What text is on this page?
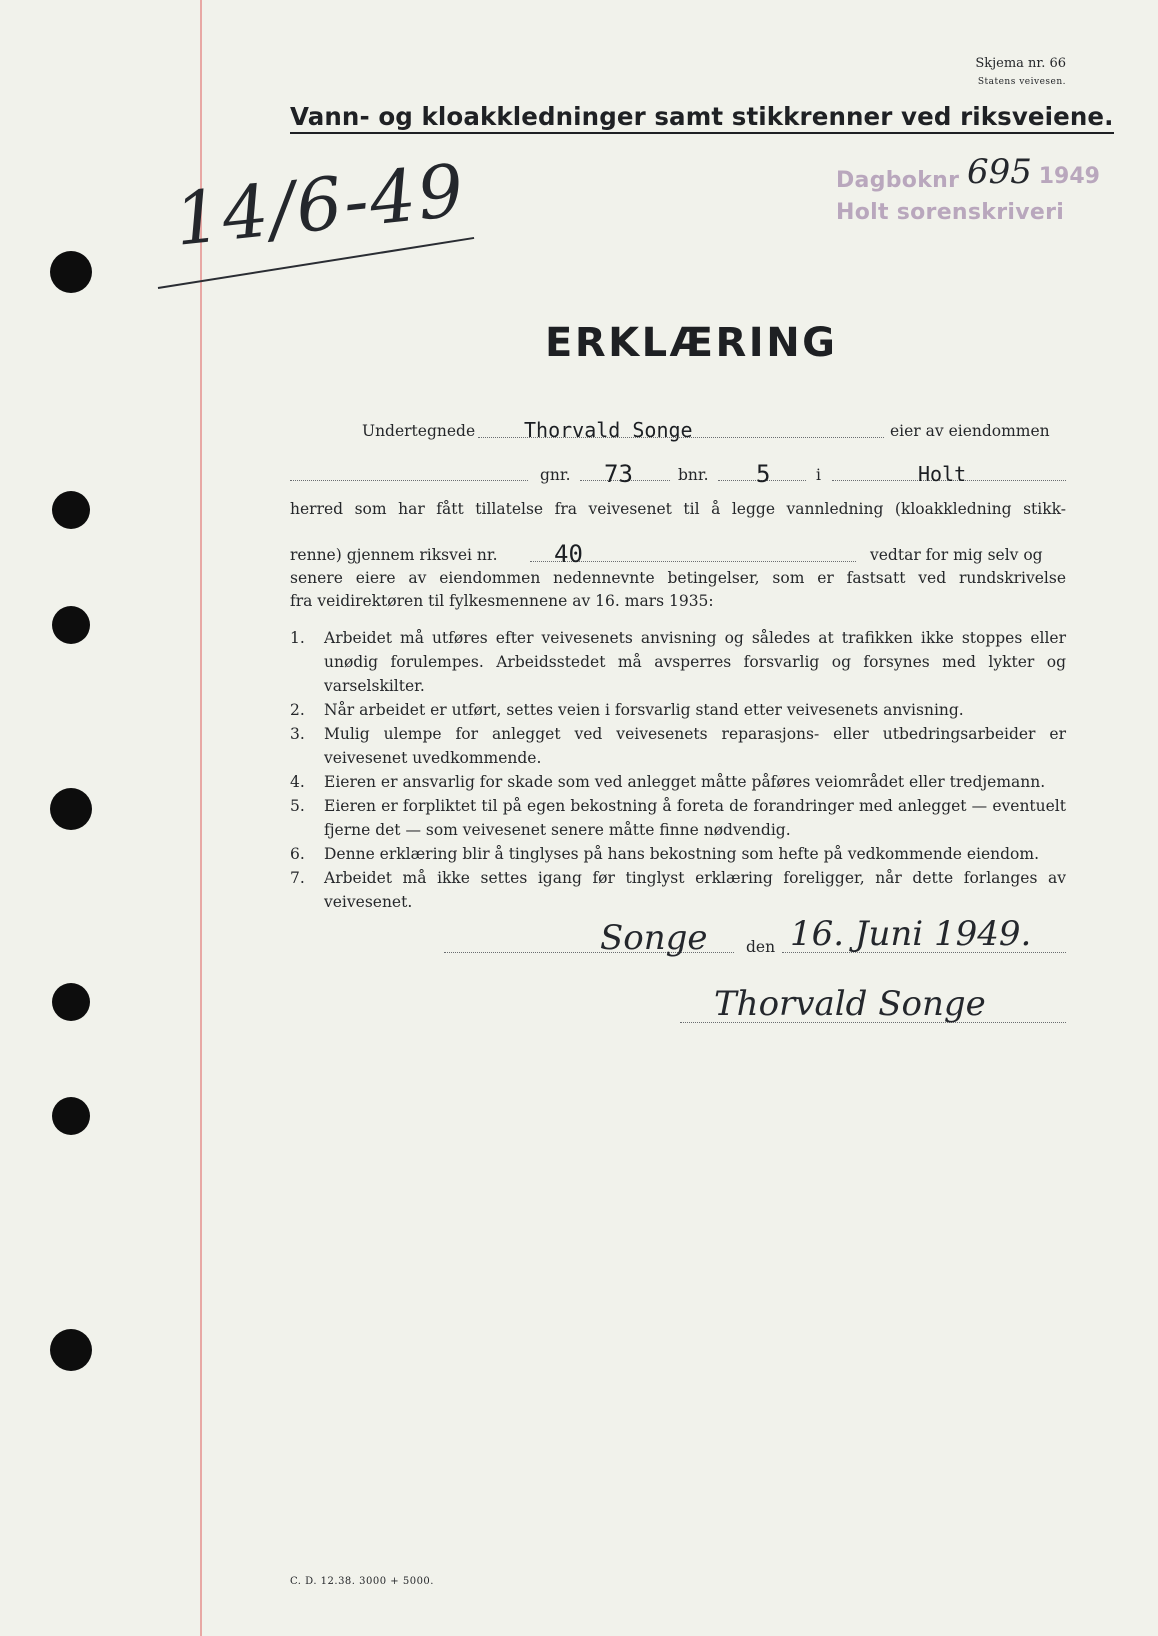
Skjema nr. 66
Statens veivesen.
Vann- og kloakkledninger samt stikkrenner ved riksveiene.
14/6-49	Dagboknr 695  1949
Holt sorenskriveri
ERKLÆRING
Undertegnede Thorvald Songe	eier av eiendommen
gnr. 73	bnr. 5	i	Holt
herred som har fått tillatelse fra veivesenet til å legge vannledning (kloakkledning stikk-
renne) gjennem riksvei nr. 40	vedtar for mig selv og
senere eiere av eiendommen nedennevnte betingelser, som er fastsatt ved rundskrivelse
fra veidirektøren til fylkesmennene av 16. mars 1935:
1. Arbeidet må utføres efter veivesenets anvisning og således at trafikken ikke stoppes eller unødig forulempes. Arbeidsstedet må avsperres forsvarlig og forsynes med lykter og varselskilter.
2. Når arbeidet er utført, settes veien i forsvarlig stand etter veivesenets anvisning.
3. Mulig ulempe for anlegget ved veivesenets reparasjons- eller utbedringsarbeider er veivesenet uvedkommende.
4. Eieren er ansvarlig for skade som ved anlegget måtte påføres veiområdet eller tredjemann.
5. Eieren er forpliktet til på egen bekostning å foreta de forandringer med anlegget — eventuelt fjerne det — som veivesenet senere måtte finne nødvendig.
6. Denne erklæring blir å tinglyses på hans bekostning som hefte på vedkommende eiendom.
7. Arbeidet må ikke settes igang før tinglyst erklæring foreligger, når dette forlanges av veivesenet.
Songe den 16. Juni 1949.
Thorvald Songe
C. D. 12.38. 3000 + 5000.
